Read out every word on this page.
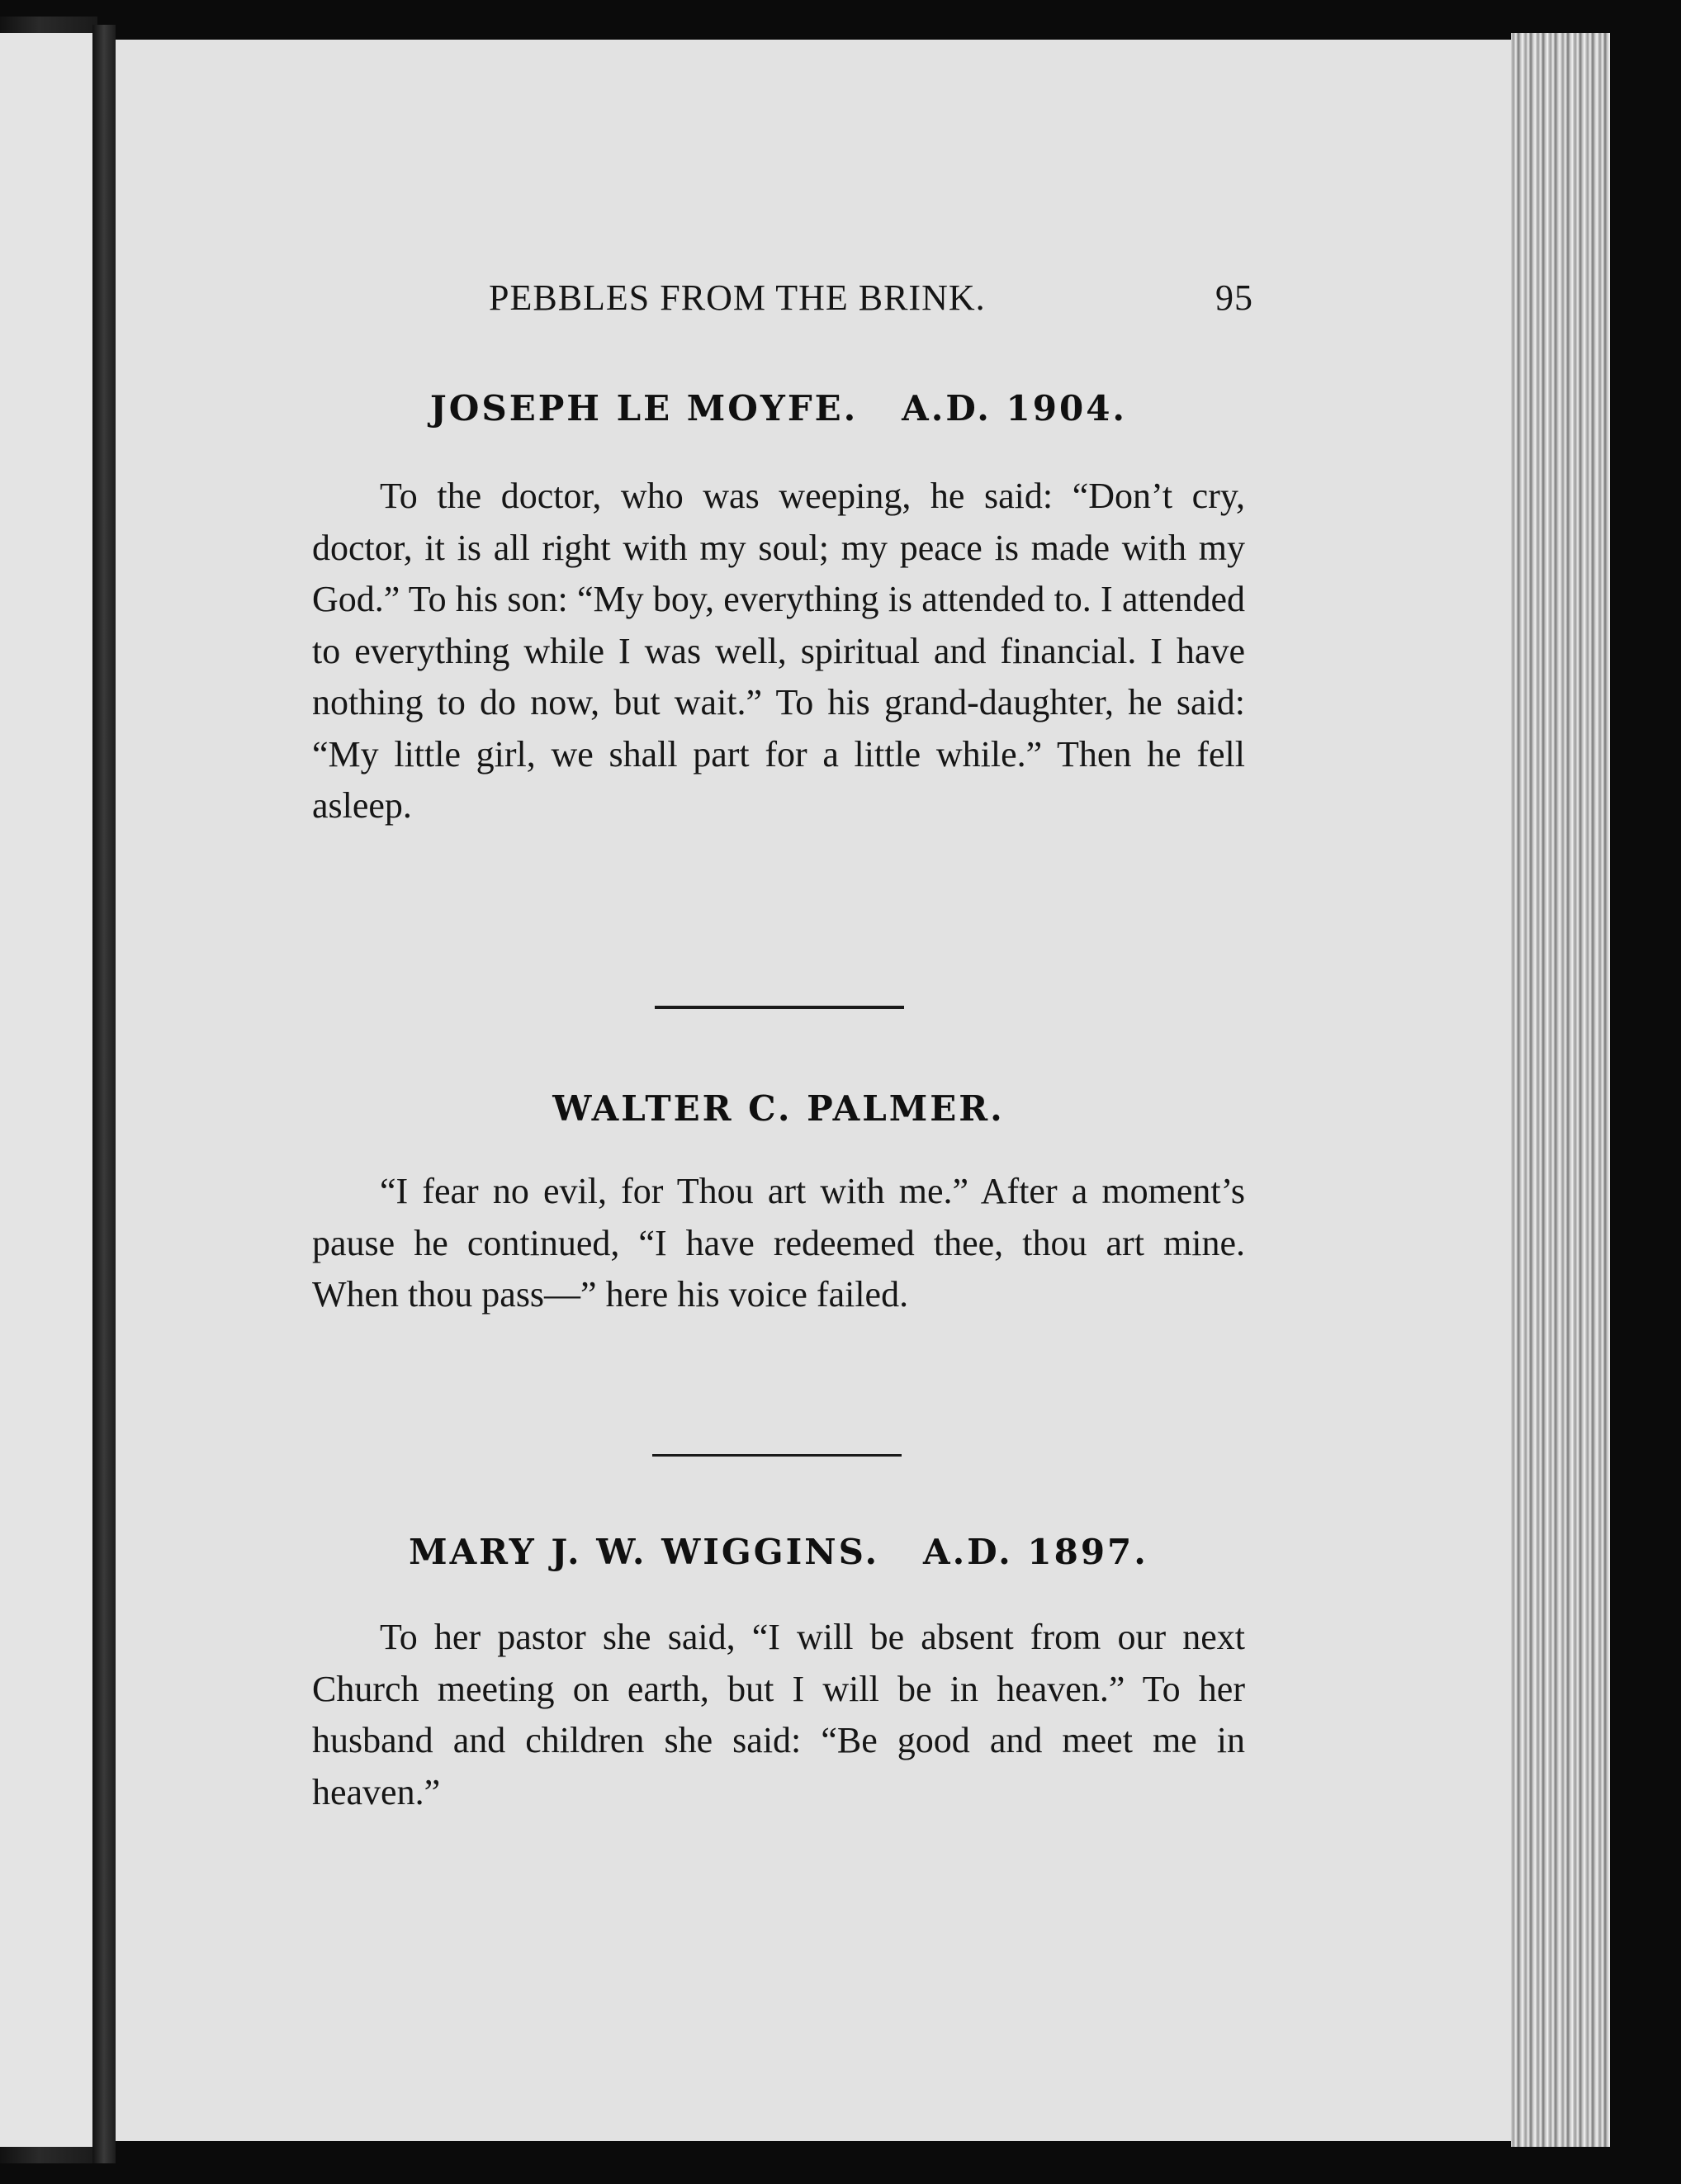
PEBBLES FROM THE BRINK.	95
JOSEPH LE MOYFE.   A.D. 1904.

To the doctor, who was weeping, he said: “Don’t cry, doctor, it is all right with my soul; my peace is made with my God.” To his son: “My boy, everything is attended to. I attended to everything while I was well, spiritual and financial. I have nothing to do now, but wait.” To his grand-daughter, he said: “My little girl, we shall part for a little while.” Then he fell asleep.

WALTER C. PALMER.

“I fear no evil, for Thou art with me.” After a moment’s pause he continued, “I have redeemed thee, thou art mine. When thou pass—” here his voice failed.

MARY J. W. WIGGINS.   A.D. 1897.

To her pastor she said, “I will be absent from our next Church meeting on earth, but I will be in heaven.” To her husband and children she said: “Be good and meet me in heaven.”
